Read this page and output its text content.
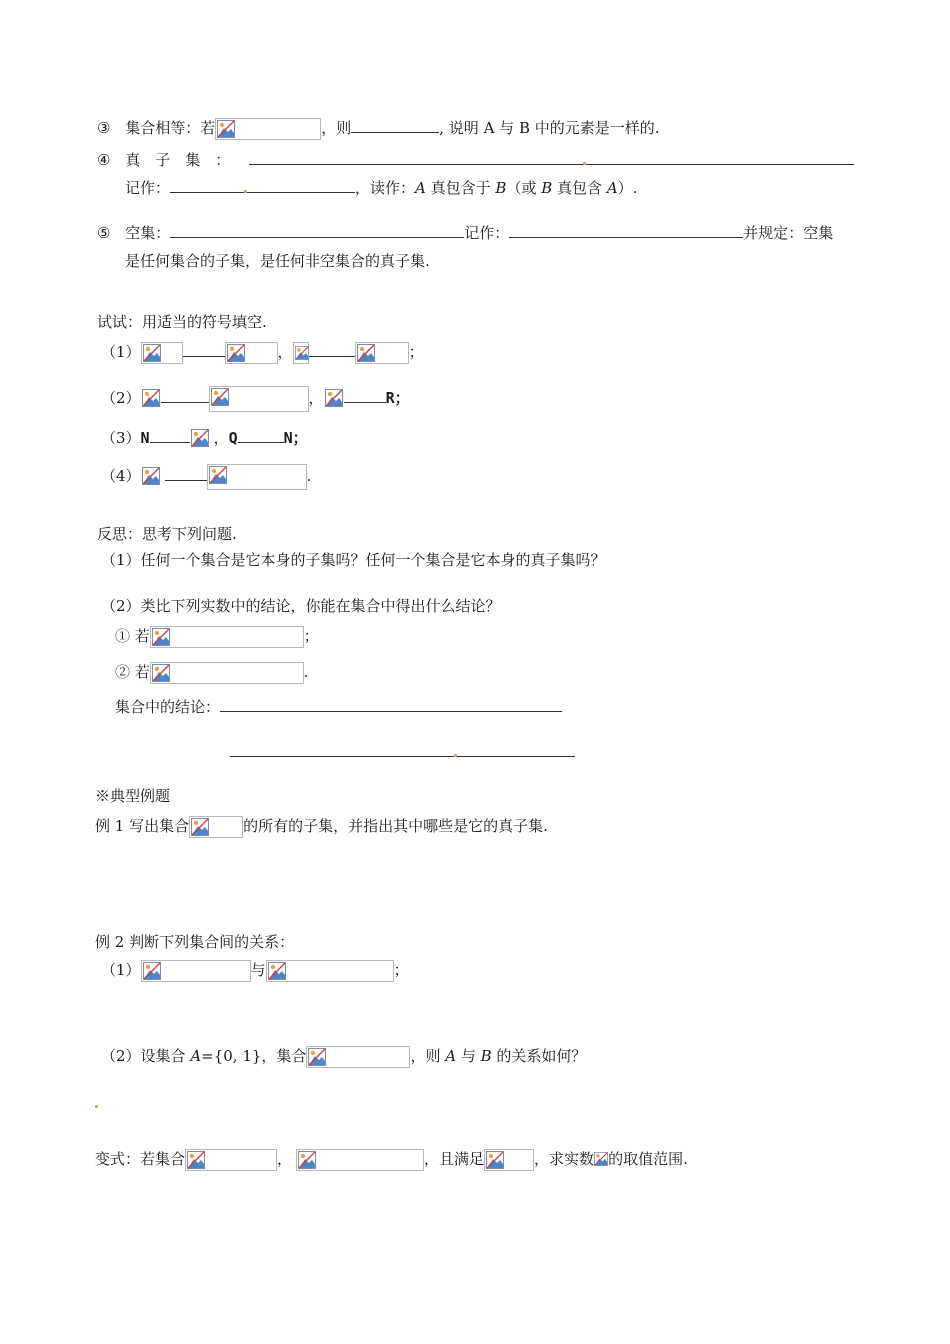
③ 集合相等：若	，则	, 说明 A 与 B 中的元素是一样的.
④ 真　子　集　：
记作：	，读作：A 真包含于 B（或 B 真包含 A）.
⑤ 空集：	记作：	并规定：空集
是任何集合的子集，是任何非空集合的真子集.
试试：用适当的符号填空.
（1）	，	；
（2）	，	R；
（3）N	，Q	N；
（4）	.
反思：思考下列问题.
（1）任何一个集合是它本身的子集吗？任何一个集合是它本身的真子集吗？
（2）类比下列实数中的结论，你能在集合中得出什么结论？
① 若	；
② 若	.
集合中的结论：
※典型例题
例 1 写出集合	的所有的子集，并指出其中哪些是它的真子集.
例 2 判断下列集合间的关系：
（1）	与	；
（2）设集合 A={0, 1}，集合	，则 A 与 B 的关系如何？
变式：若集合	，	，且满足	，求实数 的取值范围.
